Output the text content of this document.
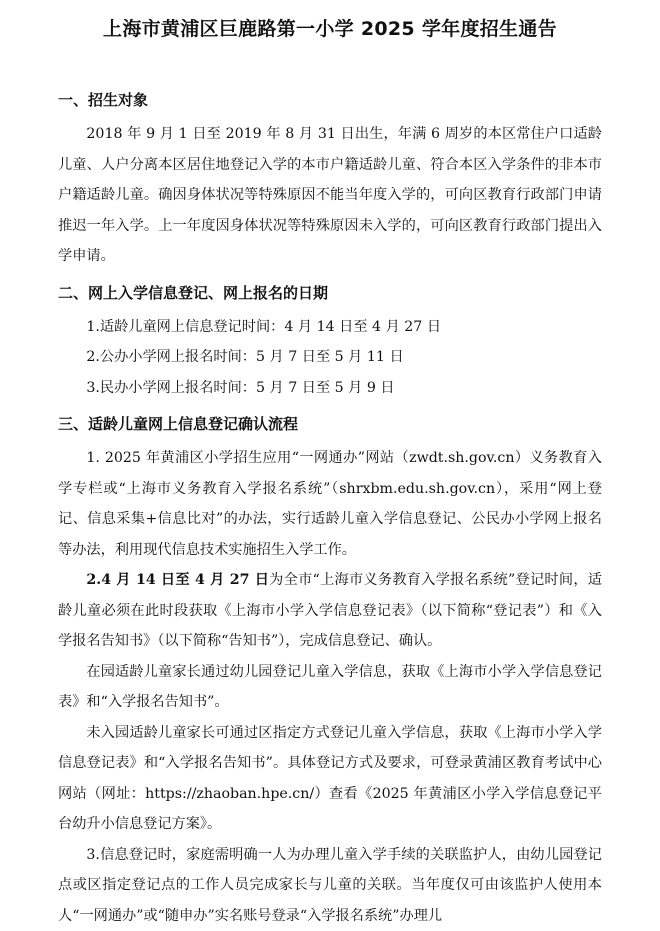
上海市黄浦区巨鹿路第一小学 2025 学年度招生通告
一、招生对象

2018 年 9 月 1 日至 2019 年 8 月 31 日出生，年满 6 周岁的本区常住户口适龄儿童、人户分离本区居住地登记入学的本市户籍适龄儿童、符合本区入学条件的非本市户籍适龄儿童。确因身体状况等特殊原因不能当年度入学的，可向区教育行政部门申请推迟一年入学。上一年度因身体状况等特殊原因未入学的，可向区教育行政部门提出入学申请。

二、网上入学信息登记、网上报名的日期

1.适龄儿童网上信息登记时间：4 月 14 日至 4 月 27 日

2.公办小学网上报名时间：5 月 7 日至 5 月 11 日

3.民办小学网上报名时间：5 月 7 日至 5 月 9 日

三、适龄儿童网上信息登记确认流程

1. 2025 年黄浦区小学招生应用“一网通办”网站（zwdt.sh.gov.cn）义务教育入学专栏或“上海市义务教育入学报名系统”（shrxbm.edu.sh.gov.cn），采用“网上登记、信息采集+信息比对”的办法，实行适龄儿童入学信息登记、公民办小学网上报名等办法，利用现代信息技术实施招生入学工作。

2.4 月 14 日至 4 月 27 日为全市“上海市义务教育入学报名系统”登记时间，适龄儿童必须在此时段获取《上海市小学入学信息登记表》（以下简称“登记表”）和《入学报名告知书》（以下简称“告知书”），完成信息登记、确认。

在园适龄儿童家长通过幼儿园登记儿童入学信息，获取《上海市小学入学信息登记表》和“入学报名告知书”。

未入园适龄儿童家长可通过区指定方式登记儿童入学信息，获取《上海市小学入学信息登记表》和“入学报名告知书”。具体登记方式及要求，可登录黄浦区教育考试中心网站（网址：https://zhaoban.hpe.cn/）查看《2025 年黄浦区小学入学信息登记平台幼升小信息登记方案》。

3.信息登记时，家庭需明确一人为办理儿童入学手续的关联监护人，由幼儿园登记点或区指定登记点的工作人员完成家长与儿童的关联。当年度仅可由该监护人使用本人“一网通办”或“随申办”实名账号登录“入学报名系统”办理儿
